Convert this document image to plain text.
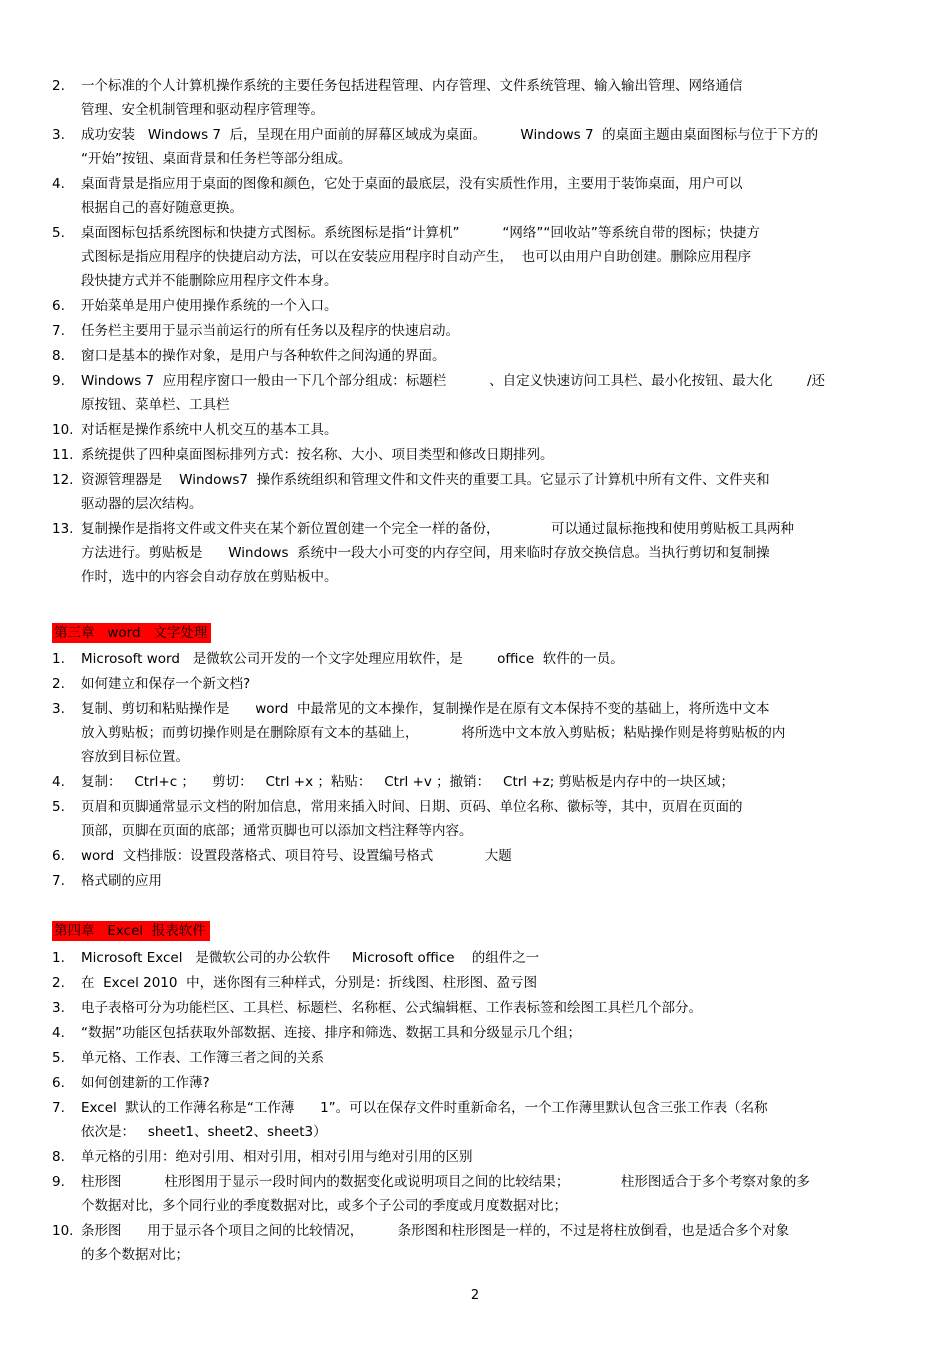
2. 一个标准的个人计算机操作系统的主要任务包括进程管理、内存管理、文件系统管理、输入输出管理、网络通信
管理、安全机制管理和驱动程序管理等。
3. 成功安装   Windows 7  后，呈现在用户面前的屏幕区域成为桌面。        Windows 7  的桌面主题由桌面图标与位于下方的
“开始”按钮、桌面背景和任务栏等部分组成。
4. 桌面背景是指应用于桌面的图像和颜色，它处于桌面的最底层，没有实质性作用，主要用于装饰桌面，用户可以
根据自己的喜好随意更换。
5. 桌面图标包括系统图标和快捷方式图标。系统图标是指“计算机”          “网络”“回收站”等系统自带的图标；快捷方
式图标是指应用程序的快捷启动方法，可以在安装应用程序时自动产生，  也可以由用户自助创建。删除应用程序
段快捷方式并不能删除应用程序文件本身。
6. 开始菜单是用户使用操作系统的一个入口。
7. 任务栏主要用于显示当前运行的所有任务以及程序的快速启动。
8. 窗口是基本的操作对象，是用户与各种软件之间沟通的界面。
9. Windows 7  应用程序窗口一般由一下几个部分组成：标题栏          、自定义快速访问工具栏、最小化按钮、最大化        /还
原按钮、菜单栏、工具栏
10. 对话框是操作系统中人机交互的基本工具。
11. 系统提供了四种桌面图标排列方式：按名称、大小、项目类型和修改日期排列。
12. 资源管理器是    Windows7  操作系统组织和管理文件和文件夹的重要工具。它显示了计算机中所有文件、文件夹和
驱动器的层次结构。
13. 复制操作是指将文件或文件夹在某个新位置创建一个完全一样的备份，            可以通过鼠标拖拽和使用剪贴板工具两种
方法进行。剪贴板是      Windows  系统中一段大小可变的内存空间，用来临时存放交换信息。当执行剪切和复制操
作时，选中的内容会自动存放在剪贴板中。
第三章   word   文字处理
1. Microsoft word   是微软公司开发的一个文字处理应用软件，是        office  软件的一员。
2. 如何建立和保存一个新文档?
3. 复制、剪切和粘贴操作是      word  中最常见的文本操作，复制操作是在原有文本保持不变的基础上，将所选中文本
放入剪贴板；而剪切操作则是在删除原有文本的基础上，          将所选中文本放入剪贴板；粘贴操作则是将剪贴板的内
容放到目标位置。
4. 复制：   Ctrl+c ；    剪切：   Ctrl +x ；粘贴：   Ctrl +v ；撤销：   Ctrl +z; 剪贴板是内存中的一块区域；
5. 页眉和页脚通常显示文档的附加信息，常用来插入时间、日期、页码、单位名称、徽标等，其中，页眉在页面的
顶部，页脚在页面的底部；通常页脚也可以添加文档注释等内容。
6. word  文档排版：设置段落格式、项目符号、设置编号格式            大题
7. 格式刷的应用
第四章   Excel  报表软件
1. Microsoft Excel   是微软公司的办公软件     Microsoft office    的组件之一
2. 在  Excel 2010  中，迷你图有三种样式，分别是：折线图、柱形图、盈亏图
3. 电子表格可分为功能栏区、工具栏、标题栏、名称框、公式编辑框、工作表标签和绘图工具栏几个部分。
4. “数据”功能区包括获取外部数据、连接、排序和筛选、数据工具和分级显示几个组；
5. 单元格、工作表、工作簿三者之间的关系
6. 如何创建新的工作薄?
7. Excel  默认的工作薄名称是“工作薄      1”。可以在保存文件时重新命名，一个工作薄里默认包含三张工作表（名称
依次是：   sheet1、sheet2、sheet3）
8. 单元格的引用：绝对引用、相对引用，相对引用与绝对引用的区别
9. 柱形图          柱形图用于显示一段时间内的数据变化或说明项目之间的比较结果；            柱形图适合于多个考察对象的多
个数据对比，多个同行业的季度数据对比，或多个子公司的季度或月度数据对比；
10. 条形图      用于显示各个项目之间的比较情况，        条形图和柱形图是一样的，不过是将柱放倒看，也是适合多个对象
的多个数据对比；
2
